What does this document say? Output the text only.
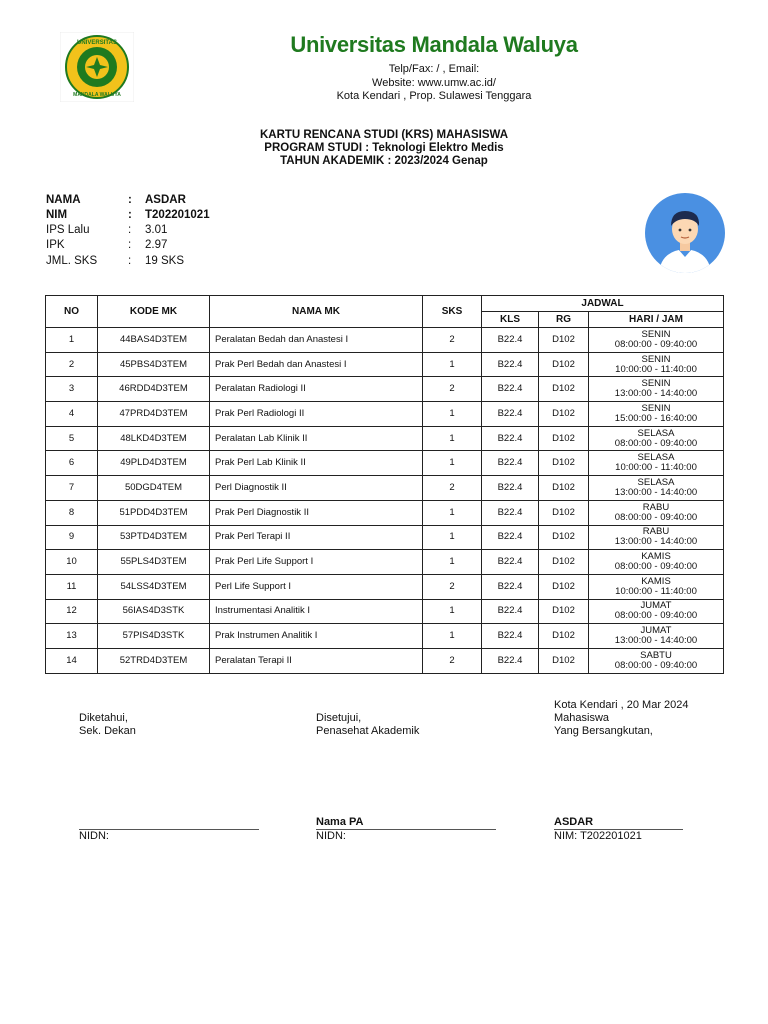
UNIVERSITAS
MANDALA WALUYA
Universitas Mandala Waluya
Telp/Fax: / , Email:
Website: www.umw.ac.id/
Kota Kendari , Prop. Sulawesi Tenggara
KARTU RENCANA STUDI (KRS) MAHASISWA
PROGRAM STUDI : Teknologi Elektro Medis
TAHUN AKADEMIK : 2023/2024 Genap
NAMA	: ASDAR
NIM	: T202201021
IPS Lalu	: 3.01
IPK	: 2.97
JML. SKS	: 19 SKS
NO	KODE MK	NAMA MK	SKS	JADWAL		
				KLS	RG	HARI / JAM
1	44BAS4D3TEM	Peralatan Bedah dan Anastesi I	2	B22.4	D102	SENIN
08:00:00 - 09:40:00

2	45PBS4D3TEM	Prak Perl Bedah dan Anastesi I	1	B22.4	D102	SENIN
10:00:00 - 11:40:00

3	46RDD4D3TEM	Peralatan Radiologi II	2	B22.4	D102	SENIN
13:00:00 - 14:40:00

4	47PRD4D3TEM	Prak Perl Radiologi II	1	B22.4	D102	SENIN
15:00:00 - 16:40:00

5	48LKD4D3TEM	Peralatan Lab Klinik II	1	B22.4	D102	SELASA
08:00:00 - 09:40:00

6	49PLD4D3TEM	Prak Perl Lab Klinik II	1	B22.4	D102	SELASA
10:00:00 - 11:40:00

7	50DGD4TEM	Perl Diagnostik II	2	B22.4	D102	SELASA
13:00:00 - 14:40:00

8	51PDD4D3TEM	Prak Perl Diagnostik II	1	B22.4	D102	RABU
08:00:00 - 09:40:00

9	53PTD4D3TEM	Prak Perl Terapi II	1	B22.4	D102	RABU
13:00:00 - 14:40:00

10	55PLS4D3TEM	Prak Perl Life Support I	1	B22.4	D102	KAMIS
08:00:00 - 09:40:00

11	54LSS4D3TEM	Perl Life Support I	2	B22.4	D102	KAMIS
10:00:00 - 11:40:00

12	56IAS4D3STK	Instrumentasi Analitik I	1	B22.4	D102	JUMAT
08:00:00 - 09:40:00

13	57PIS4D3STK	Prak Instrumen Analitik I	1	B22.4	D102	JUMAT
13:00:00 - 14:40:00

14	52TRD4D3TEM	Peralatan Terapi II	2	B22.4	D102	SABTU
08:00:00 - 09:40:00
Kota Kendari , 20 Mar 2024
Diketahui,
Sek. Dekan
Disetujui,
Penasehat Akademik
Mahasiswa
Yang Bersangkutan,
Nama PA	ASDAR
NIDN:	NIDN:	NIM: T202201021
